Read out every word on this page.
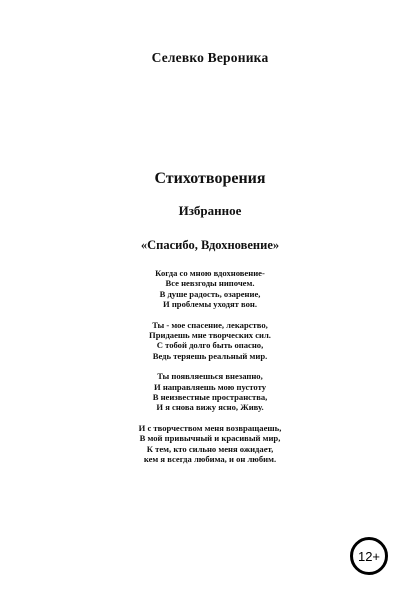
Селевко Вероника
Стихотворения
Избранное
«Спасибо, Вдохновение»
Когда со мною вдохновение-
Все невзгоды нипочем.
В душе радость, озарение,
И проблемы уходят вон.
Ты - мое спасение, лекарство,
Придаешь мне творческих сил.
С тобой долго быть опасно,
Ведь теряешь реальный мир.
Ты появляешься внезапно,
И направляешь мою пустоту
В неизвестные пространства,
И я снова вижу ясно, Живу.
И с творчеством меня возвращаешь,
В мой привычный и красивый мир,
К тем, кто сильно меня ожидает,
кем я всегда любима, и он любим.
12+
